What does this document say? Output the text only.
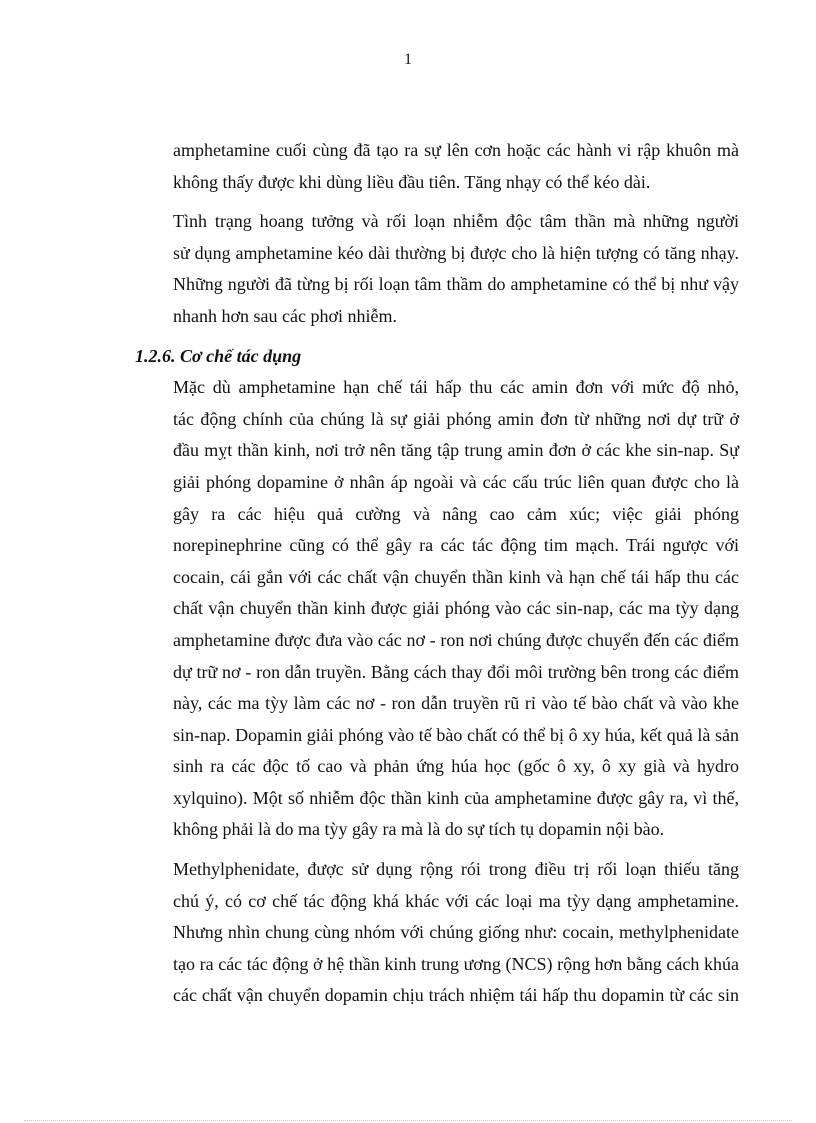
1

amphetamine cuối cùng đã tạo ra sự lên cơn hoặc các hành vi rập khuôn mà
không thấy được khi dùng liều đầu tiên. Tăng nhạy có thể kéo dài.

Tình trạng hoang tưởng và rối loạn nhiễm độc tâm thần mà những người
sử dụng amphetamine kéo dài thường bị được cho là hiện tượng có tăng nhạy.
Những người đã từng bị rối loạn tâm thầm do amphetamine có thể bị như vậy
nhanh hơn sau các phơi nhiễm.

1.2.6. Cơ chế tác dụng

Mặc dù amphetamine hạn chế tái hấp thu các amin đơn với mức độ nhỏ,
tác động chính của chúng là sự giải phóng amin đơn từ những nơi dự trữ ở
đầu mỵt thần kinh, nơi trở nên tăng tập trung amin đơn ở các khe sin-nap. Sự
giải phóng dopamine ở nhân áp ngoài và các cấu trúc liên quan được cho là
gây ra các hiệu quả cường và nâng cao cảm xúc; việc giải phóng
norepinephrine cũng có thể gây ra các tác động tim mạch. Trái ngược với
cocain, cái gắn với các chất vận chuyển thần kinh và hạn chế tái hấp thu các
chất vận chuyển thần kinh được giải phóng vào các sin-nap, các ma tỳy dạng
amphetamine được đưa vào các nơ - ron nơi chúng được chuyển đến các điểm
dự trữ nơ - ron dẫn truyền. Bằng cách thay đổi môi trường bên trong các điểm
này, các ma tỳy làm các nơ - ron dẫn truyền rũ rỉ vào tế bào chất và vào khe
sin-nap. Dopamin giải phóng vào tế bào chất có thể bị ô xy húa, kết quả là sản
sinh ra các độc tố cao và phản ứng húa học (gốc ô xy, ô xy già và hydro
xylquino). Một số nhiễm độc thần kinh của amphetamine được gây ra, vì thế,
không phải là do ma tỳy gây ra mà là do sự tích tụ dopamin nội bào.

Methylphenidate, được sử dụng rộng rói trong điều trị rối loạn thiếu tăng
chú ý, có cơ chế tác động khá khác với các loại ma tỳy dạng amphetamine.
Nhưng nhìn chung cùng nhóm với chúng giống như: cocain, methylphenidate
tạo ra các tác động ở hệ thần kinh trung ương (NCS) rộng hơn bằng cách khúa
các chất vận chuyển dopamin chịu trách nhiệm tái hấp thu dopamin từ các sin
